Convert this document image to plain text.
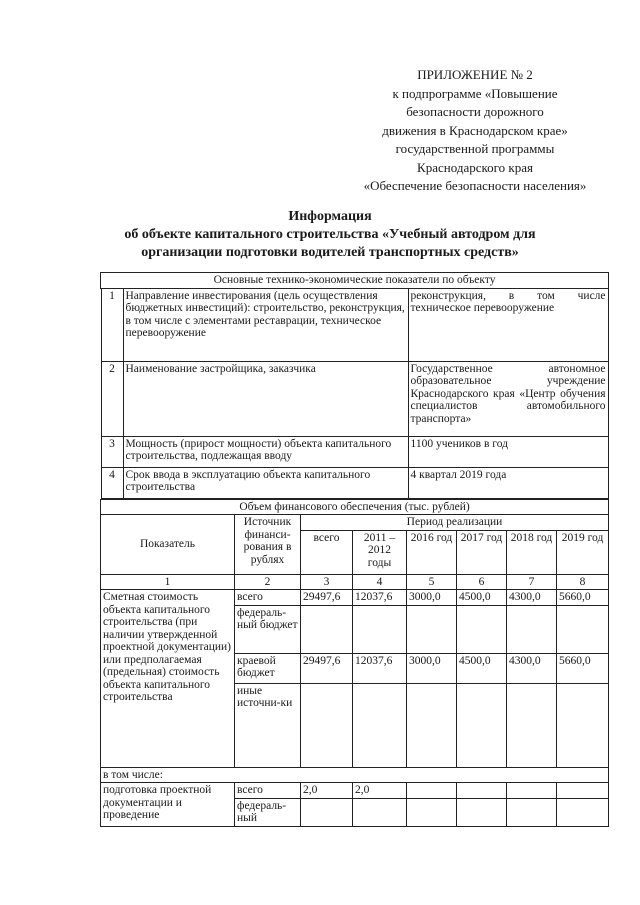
ПРИЛОЖЕНИЕ № 2
к подпрограмме «Повышение
безопасности дорожного
движения в Краснодарском крае»
государственной программы
Краснодарского края
«Обеспечение безопасности населения»
Информация
об объекте капитального строительства «Учебный автодром для
организации подготовки водителей транспортных средств»
Основные технико-экономические показатели по объекту

1	Направление инвестирования (цель осуществления бюджетных инвестиций): строительство, реконструкция, в том числе с элементами реставрации, техническое перевооружение	реконструкция, в том числе техническое перевооружение
2	Наименование застройщика, заказчика	Государственное автономное образовательное учреждение Краснодарского края «Центр обучения специалистов автомобильного транспорта»
3	Мощность (прирост мощности) объекта капитального строительства, подлежащая вводу	1100 учеников в год
4	Срок ввода в эксплуатацию объекта капитального строительства	4 квартал 2019 года

Объем финансового обеспечения (тыс. рублей)
Показатель	Источник финанси-рования в рублях	Период реализации
всего	2011 – 2012 годы	2016 год	2017 год	2018 год	2019 год
1	2	3	4	5	6	7	8
Сметная стоимость объекта капитального строительства (при наличии утвержденной проектной документации) или предполагаемая (предельная) стоимость объекта капитального строительства	всего	29497,6	12037,6	3000,0	4500,0	4300,0	5660,0
федераль-ный бюджет						
краевой бюджет	29497,6	12037,6	3000,0	4500,0	4300,0	5660,0
иные источни-ки						
в том числе:
подготовка проектной документации и проведение	всего	2,0	2,0				
федераль-ный						
